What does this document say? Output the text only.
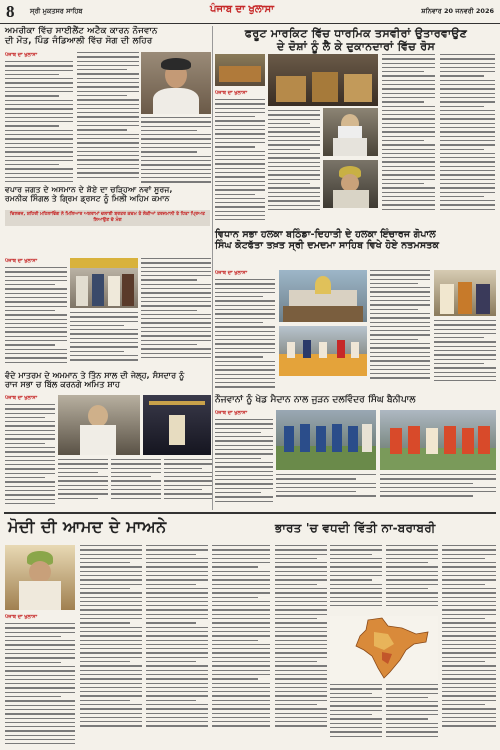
8 ਸ੍ਰੀ ਮੁਕਤਸਰ ਸਾਹਿਬ	ਪੰਜਾਬ ਦਾ ਖੁਲਾਸਾ	ਸ਼ਨਿਵਾਰ 20 ਜਨਵਰੀ 2026
ਅਮਰੀਕਾ ਵਿੱਚ ਸਾਈਲੈਂਟ ਅਟੈਕ ਕਾਰਨ ਨੌਜਵਾਨ
ਦੀ ਮੌਤ, ਪਿੰਡ ਜੰਡਿਆਲੀ ਵਿੱਚ ਸੋਗ ਦੀ ਲਹਿਰ
ਫਰੂਟ ਮਾਰਕਿਟ ਵਿੱਚ ਧਾਰਮਿਕ ਤਸਵੀਰਾਂ ਉਤਾਰਵਾਉਣ
ਦੇ ਦੋਸ਼ਾਂ ਨੂੰ ਲੈ ਕੇ ਦੁਕਾਨਦਾਰਾਂ ਵਿੱਚ ਰੋਸ
ਪੰਜਾਬ ਦਾ ਖੁਲਾਸਾ
ਵਪਾਰ ਜਗਤ ਦੇ ਅਸਮਾਨ ਦੇ ਸ਼ੋਏ ਦਾ ਚੜ੍ਹਿਆ ਨਵਾਂ ਸੂਰਜ,
ਰਮਨੀਕ ਸਿੰਗਲ ਤੇ ਗ੍ਰਿਮ ਡ੍ਰਸਟ ਨੂੰ ਮਿਲੀ ਅਹਿਮ ਕਮਾਨ
ਦਿਲਰਜ, ਸ਼ਹਿਰੀ ਮਹਿਲਾਵਿੰਗ ਨੇ ਮਿਲਿਆਰ ਅਸ਼ਰਾਮਾਂ ਚਲਾਈ ਬਰਤਰ ਕਦਮ ਤੋ ਲੋਕੀਆਂ ਤਰਜਮਾਨੀ ਤੇ ਹਿਤਾ ਪ੍ਰਿਅਤ ਲਿਆਉਣ ਦੇ ਮੰਗ
ਪੰਜਾਬ ਦਾ ਖੁਲਾਸਾ
ਵਿਧਾਨ ਸਭਾ ਹਲਕਾ ਬਠਿੰਡਾ-ਦਿਹਾਤੀ ਦੇ ਹਲਕਾ ਇੰਚਾਰਜ ਗੋਪਾਲ
ਸਿੰਘ ਕੋਟਫੱਤਾ ਤਖ਼ਤ ਸ੍ਰੀ ਦਮਦਮਾ ਸਾਹਿਬ ਵਿਖੇ ਹੋਏ ਨਤਮਸਤਕ
ਪੰਜਾਬ ਦਾ ਖੁਲਾਸਾ
ਪੰਜਾਬ ਦਾ ਖੁਲਾਸਾ
ਵੰਦੇ ਮਾਤਰਮ ਦੇ ਅਮਮਾਨ ਤੇ ਤਿੰਨ ਸਾਲ ਦੀ ਜੇਲ੍ਹ, ਸੰਸਦਾਰ ਨੂੰ
ਰਾਜ ਸਭਾ ਚ ਬਿੱਲ ਕਰਨਗੇ ਅਮਿਤ ਸ਼ਾਹ
ਪੰਜਾਬ ਦਾ ਖੁਲਾਸਾ	ਨੌਜਵਾਨਾਂ ਨੂੰ ਖੇਡ ਮੈਦਾਨ ਨਾਲ ਜੁੜਨ ਦਲਵਿੰਦਰ ਸਿੰਘ ਬੈਨੀਪਾਲ
ਪੰਜਾਬ ਦਾ ਖੁਲਾਸਾ
ਮੋਦੀ ਦੀ ਆਮਦ ਦੇ ਮਾਅਨੇ	ਭਾਰਤ 'ਚ ਵਧਦੀ ਵਿੱਤੀ ਨਾ-ਬਰਾਬਰੀ
ਪੰਜਾਬ ਦਾ ਖੁਲਾਸਾ
